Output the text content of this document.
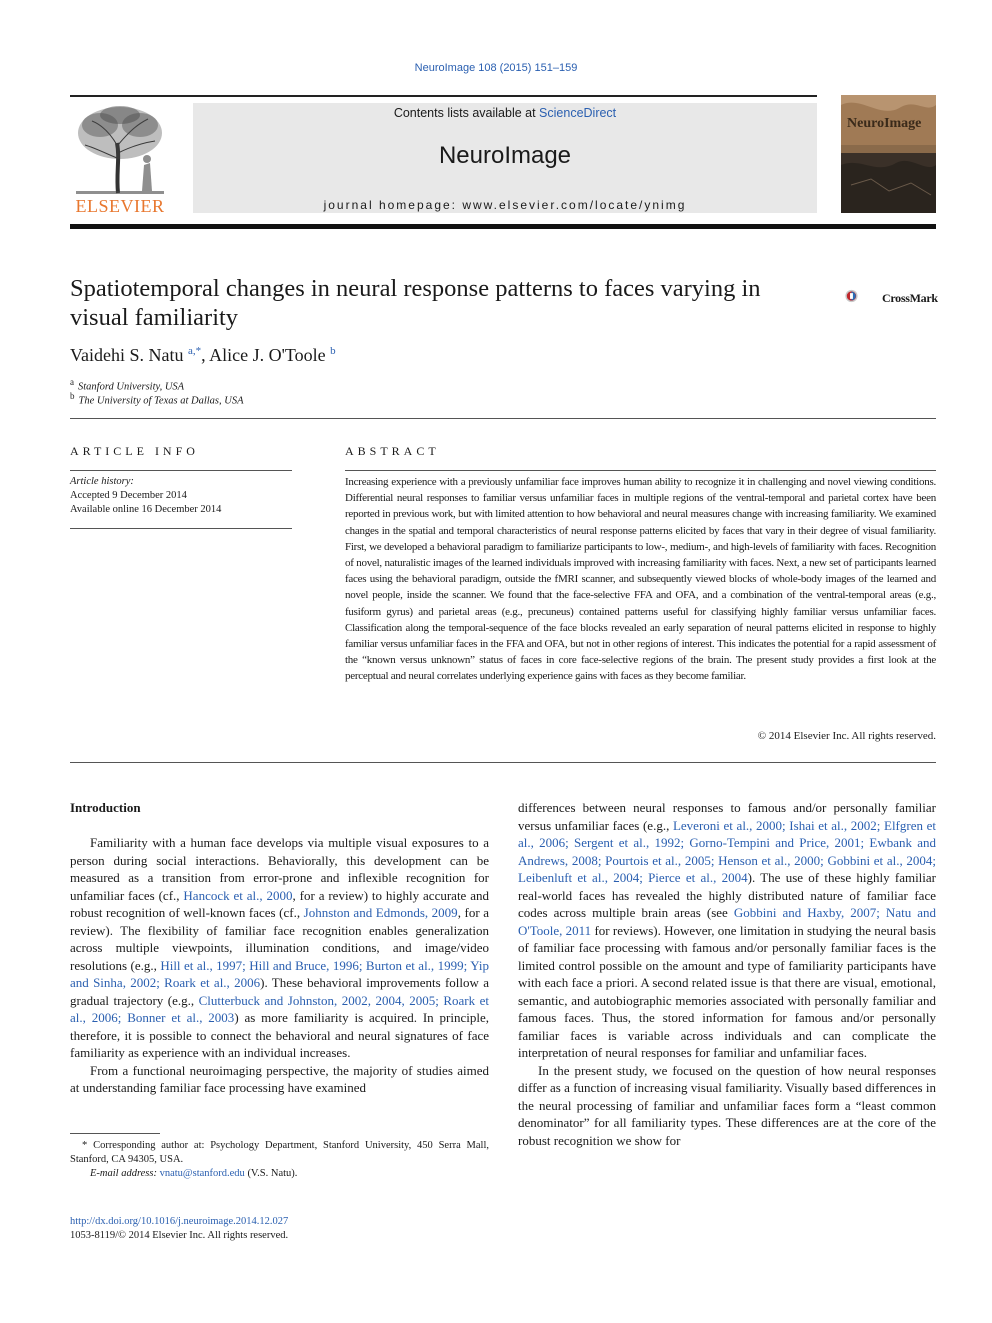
NeuroImage 108 (2015) 151–159
Contents lists available at ScienceDirect
NeuroImage
journal homepage: www.elsevier.com/locate/ynimg
ELSEVIER
NeuroImage
Spatiotemporal changes in neural response patterns to faces varying in visual familiarity
CrossMark
Vaidehi S. Natu $^{a,*}$, Alice J. O'Toole $^b$
$^a$ Stanford University, USA
$^b$ The University of Texas at Dallas, USA
ARTICLE INFO
Article history:
Accepted 9 December 2014
Available online 16 December 2014
ABSTRACT
Increasing experience with a previously unfamiliar face improves human ability to recognize it in challenging and novel viewing conditions. Differential neural responses to familiar versus unfamiliar faces in multiple regions of the ventral-temporal and parietal cortex have been reported in previous work, but with limited attention to how behavioral and neural measures change with increasing familiarity. We examined changes in the spatial and temporal characteristics of neural response patterns elicited by faces that vary in their degree of visual familiarity. First, we developed a behavioral paradigm to familiarize participants to low-, medium-, and high-levels of familiarity with faces. Recognition of novel, naturalistic images of the learned individuals improved with increasing familiarity with faces. Next, a new set of participants learned faces using the behavioral paradigm, outside the fMRI scanner, and subsequently viewed blocks of whole-body images of the learned and novel people, inside the scanner. We found that the face-selective FFA and OFA, and a combination of the ventral-temporal areas (e.g., fusiform gyrus) and parietal areas (e.g., precuneus) contained patterns useful for classifying highly familiar versus unfamiliar faces. Classification along the temporal-sequence of the face blocks revealed an early separation of neural patterns elicited in response to highly familiar versus unfamiliar faces in the FFA and OFA, but not in other regions of interest. This indicates the potential for a rapid assessment of the “known versus unknown” status of faces in core face-selective regions of the brain. The present study provides a first look at the perceptual and neural correlates underlying experience gains with faces as they become familiar.
© 2014 Elsevier Inc. All rights reserved.
Introduction

Familiarity with a human face develops via multiple visual exposures to a person during social interactions. Behaviorally, this development can be measured as a transition from error-prone and inflexible recognition for unfamiliar faces (cf., Hancock et al., 2000, for a review) to highly accurate and robust recognition of well-known faces (cf., Johnston and Edmonds, 2009, for a review). The flexibility of familiar face recognition enables generalization across multiple viewpoints, illumination conditions, and image/video resolutions (e.g., Hill et al., 1997; Hill and Bruce, 1996; Burton et al., 1999; Yip and Sinha, 2002; Roark et al., 2006). These behavioral improvements follow a gradual trajectory (e.g., Clutterbuck and Johnston, 2002, 2004, 2005; Roark et al., 2006; Bonner et al., 2003) as more familiarity is acquired. In principle, therefore, it is possible to connect the behavioral and neural signatures of face familiarity as experience with an individual increases.

From a functional neuroimaging perspective, the majority of studies aimed at understanding familiar face processing have examined

differences between neural responses to famous and/or personally familiar versus unfamiliar faces (e.g., Leveroni et al., 2000; Ishai et al., 2002; Elfgren et al., 2006; Sergent et al., 1992; Gorno-Tempini and Price, 2001; Ewbank and Andrews, 2008; Pourtois et al., 2005; Henson et al., 2000; Gobbini et al., 2004; Leibenluft et al., 2004; Pierce et al., 2004). The use of these highly familiar real-world faces has revealed the highly distributed nature of familiar face codes across multiple brain areas (see Gobbini and Haxby, 2007; Natu and O'Toole, 2011 for reviews). However, one limitation in studying the neural basis of familiar face processing with famous and/or personally familiar faces is the limited control possible on the amount and type of familiarity participants have with each face a priori. A second related issue is that there are visual, emotional, semantic, and autobiographic memories associated with personally familiar and famous faces. Thus, the stored information for famous and/or personally familiar faces is variable across individuals and can complicate the interpretation of neural responses for familiar and unfamiliar faces.

In the present study, we focused on the question of how neural responses differ as a function of increasing visual familiarity. Visually based differences in the neural processing of familiar and unfamiliar faces form a “least common denominator” for all familiarity types. These differences are at the core of the robust recognition we show for

* Corresponding author at: Psychology Department, Stanford University, 450 Serra Mall, Stanford, CA 94305, USA.
E-mail address: vnatu@stanford.edu (V.S. Natu).
http://dx.doi.org/10.1016/j.neuroimage.2014.12.027
1053-8119/© 2014 Elsevier Inc. All rights reserved.
